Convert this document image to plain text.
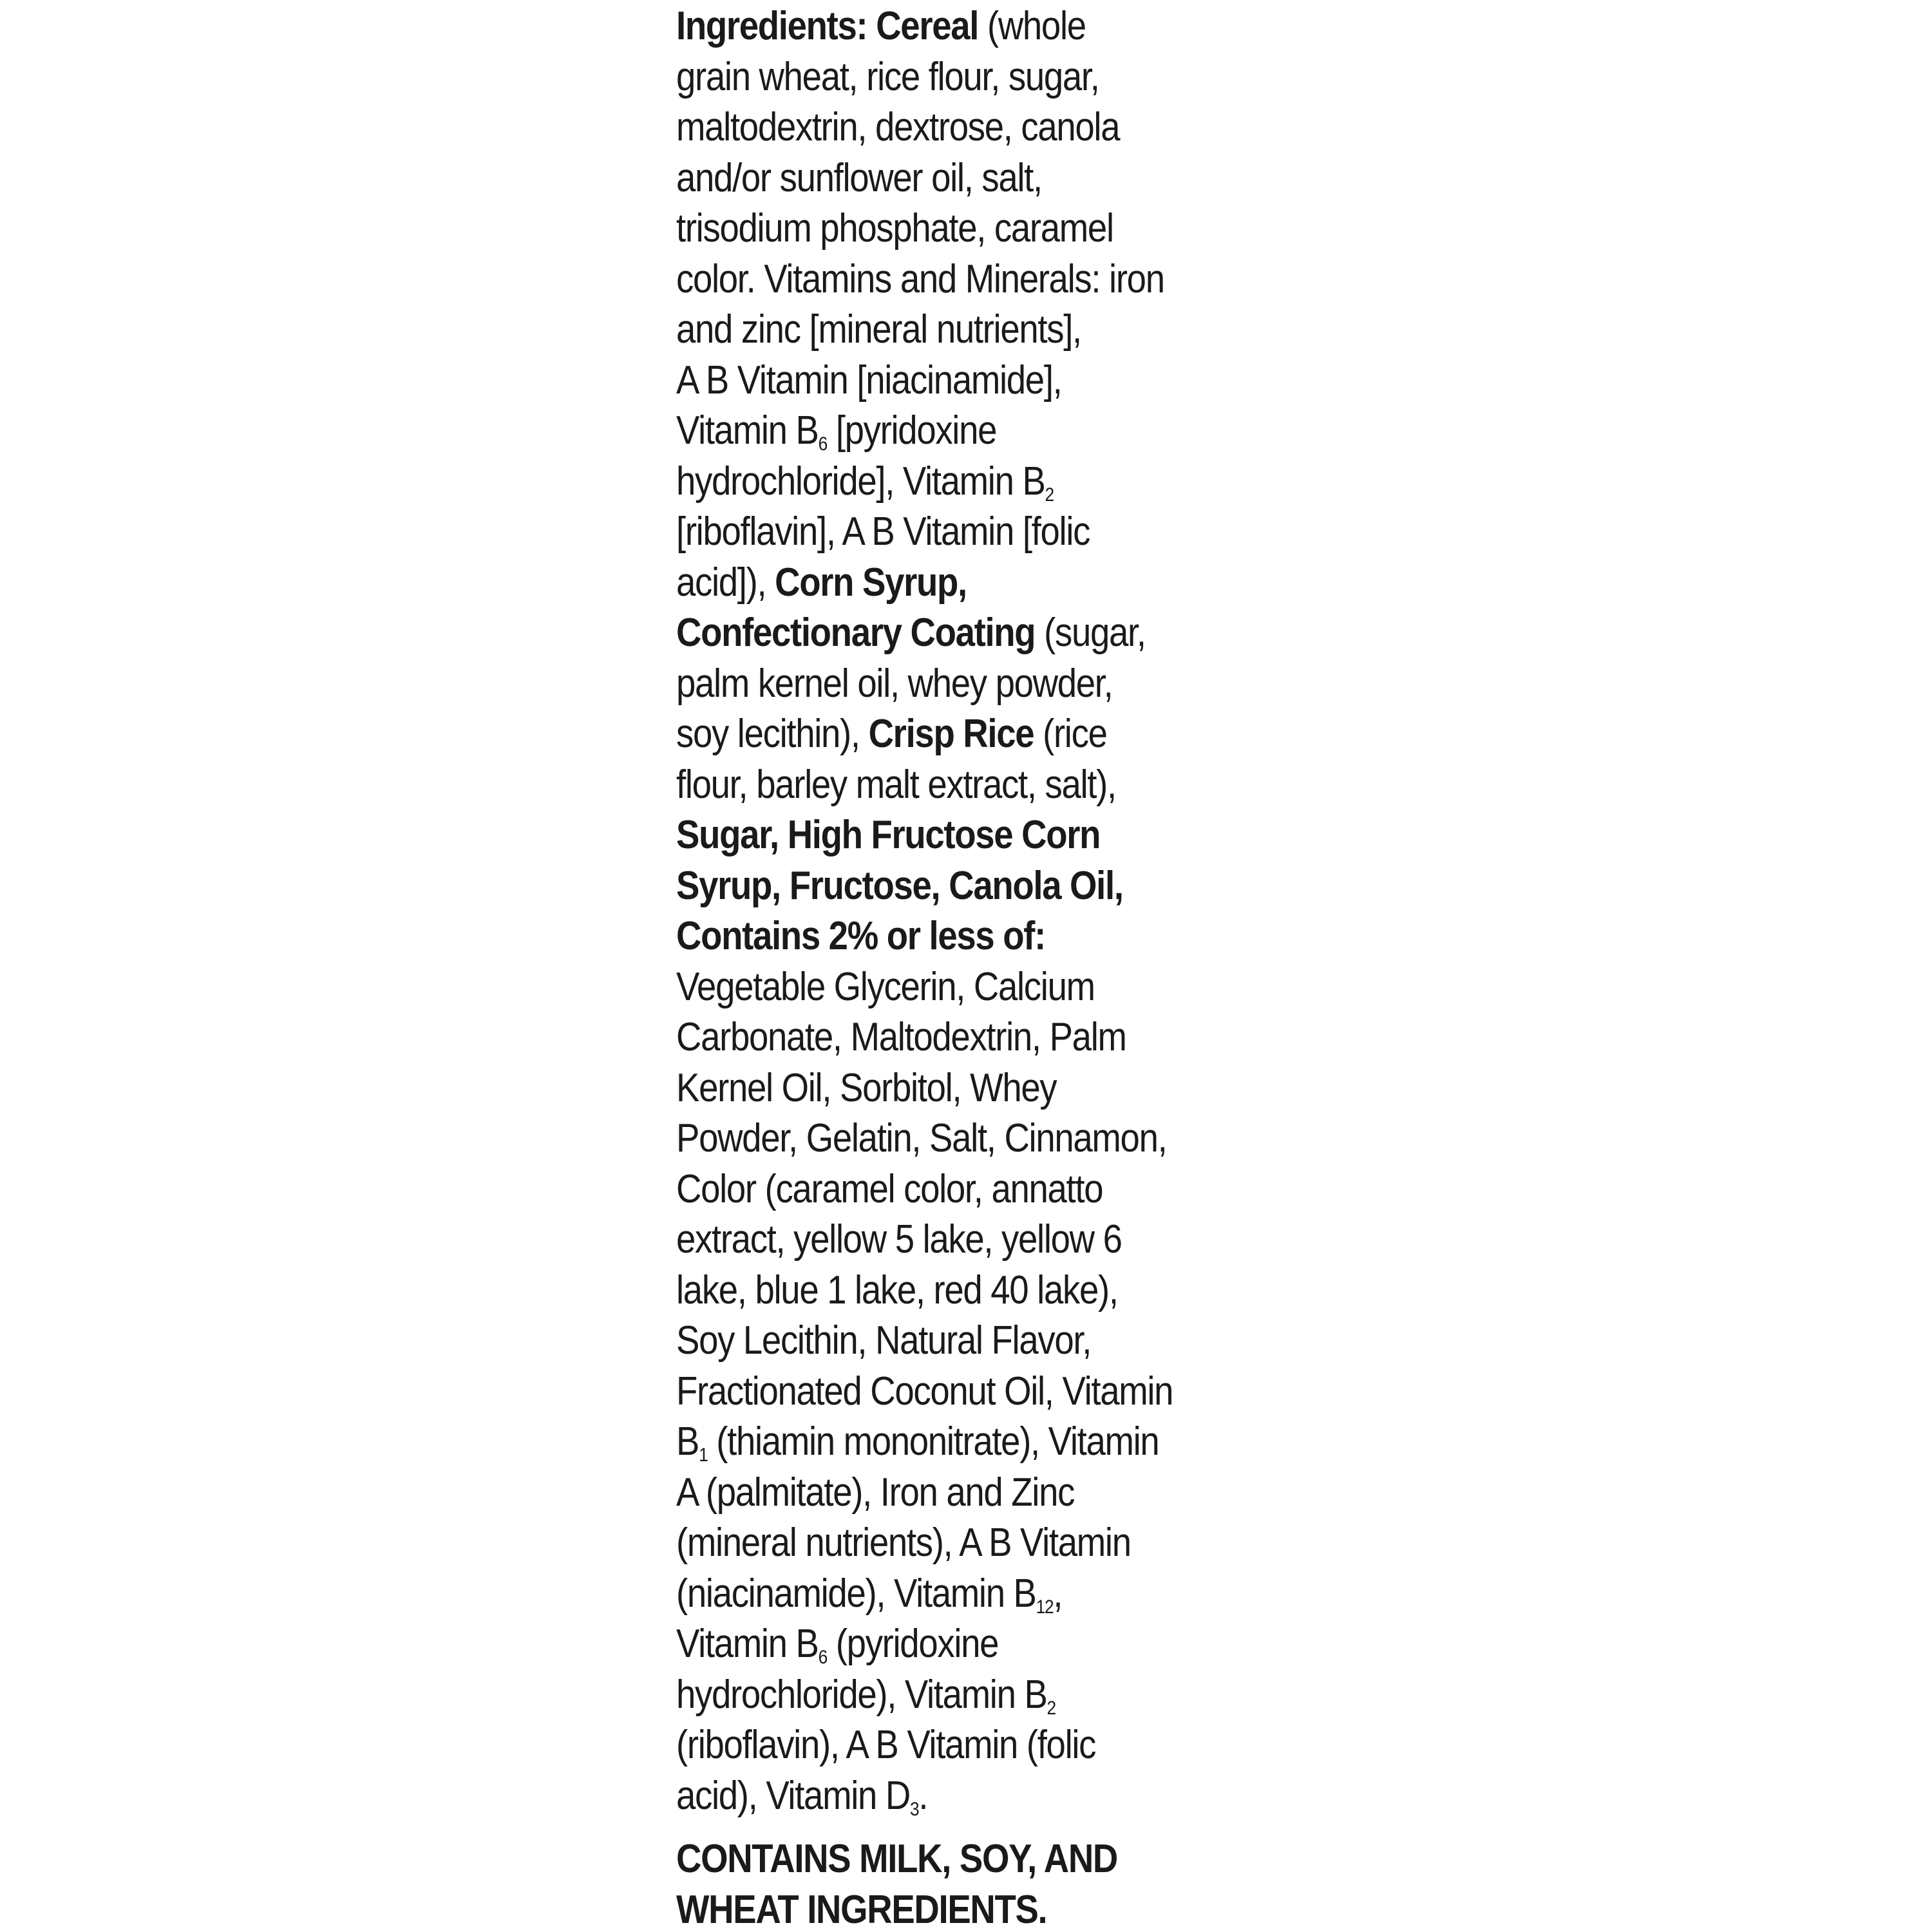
Ingredients: Cereal (whole
grain wheat, rice flour, sugar,
maltodextrin, dextrose, canola
and/or sunflower oil, salt,
trisodium phosphate, caramel
color. Vitamins and Minerals: iron
and zinc [mineral nutrients],
A B Vitamin [niacinamide],
Vitamin $B_6$ [pyridoxine
hydrochloride], Vitamin $B_2$
[riboflavin], A B Vitamin [folic
acid]), Corn Syrup,
Confectionary Coating (sugar,
palm kernel oil, whey powder,
soy lecithin), Crisp Rice (rice
flour, barley malt extract, salt),
Sugar, High Fructose Corn
Syrup, Fructose, Canola Oil,
Contains 2% or less of:
Vegetable Glycerin, Calcium
Carbonate, Maltodextrin, Palm
Kernel Oil, Sorbitol, Whey
Powder, Gelatin, Salt, Cinnamon,
Color (caramel color, annatto
extract, yellow 5 lake, yellow 6
lake, blue 1 lake, red 40 lake),
Soy Lecithin, Natural Flavor,
Fractionated Coconut Oil, Vitamin
$B_1$ (thiamin mononitrate), Vitamin
A (palmitate), Iron and Zinc
(mineral nutrients), A B Vitamin
(niacinamide), Vitamin $B_{12}$,
Vitamin $B_6$ (pyridoxine
hydrochloride), Vitamin $B_2$
(riboflavin), A B Vitamin (folic
acid), Vitamin $D_3$.
CONTAINS MILK, SOY, AND
WHEAT INGREDIENTS.
